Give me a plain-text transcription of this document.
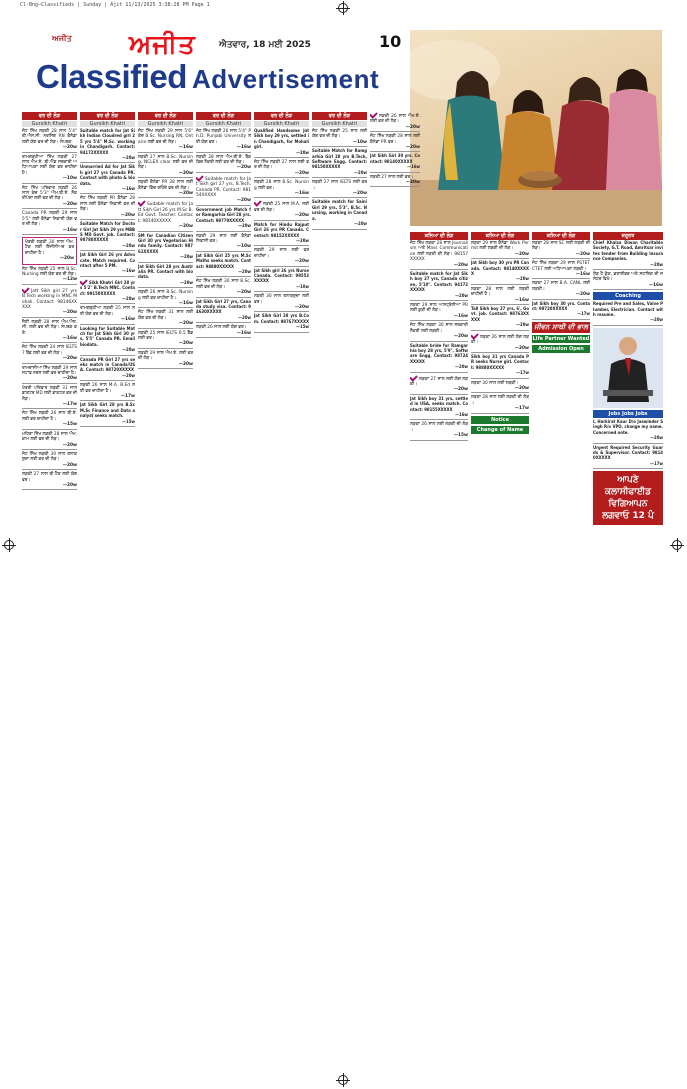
Cl-Bng—Classifieds | Sunday | Ajit 11/13/2025 3:38:28 PM Page 1
ਅਜੀਤ ਅਜੀਤ	ਐਤਵਾਰ, 18 ਮਈ 2025	10
Classified Advertisement
ਵਰ ਦੀ ਲੋੜ
Gursikh Khatri
ਜੱਟ ਸਿੱਖ ਲੜਕੀ 28 ਸਾਲ 5'4" ਬੀ.ਐਸ.ਸੀ. ਨਰਸਿੰਗ RN ਕੈਨੇਡਾ ਲਈ ਯੋਗ ਵਰ ਦੀ ਲੋੜ। ਸੰਪਰਕ:
—20w
ਰਾਮਗੜ੍ਹੀਆ ਸਿੱਖ ਲੜਕੀ 27 ਸਾਲ ਐਮ.ਏ. ਬੀ.ਐੱਡ ਸਰਕਾਰੀ ਅਧਿਆਪਕਾ ਲਈ ਯੋਗ ਵਰ ਚਾਹੀਦਾ ਹੈ।
—10w
ਜੱਟ ਸਿੱਖ ਪਰਿਵਾਰ ਲੜਕੀ 26 ਸਾਲ ਕੱਦ 5'3" ਐਮ.ਬੀ.ਏ. ਨੌਕਰੀਪੇਸ਼ਾ ਲਈ ਵਰ ਦੀ ਲੋੜ।
—20w
Canada PR ਲੜਕੀ 29 ਸਾਲ 5'5" ਲਈ ਕੈਨੇਡਾ ਨਿਵਾਸੀ ਯੋਗ ਵਰ ਦੀ ਲੋੜ।
—16w
ਖੱਤਰੀ ਲੜਕੀ 30 ਸਾਲ ਐਮ.ਟੈਕ ਲਈ ਇੰਜੀਨੀਅਰ ਵਰ ਚਾਹੀਦਾ ਹੈ।
—20w
ਜੱਟ ਸਿੱਖ ਲੜਕੀ 25 ਸਾਲ B.Sc. Nursing ਲਈ ਯੋਗ ਵਰ ਦੀ ਲੋੜ।
—12w
Jatt Sikh girl 27 yrs B.Tech working in MNC Mohali. Contact: 98146XXXXX
—20w
ਸੈਣੀ ਲੜਕੀ 28 ਸਾਲ ਐਮ.ਐਸ.ਸੀ. ਲਈ ਵਰ ਦੀ ਲੋੜ। ਸੰਪਰਕ ਕਰੋ:
—16w
ਜੱਟ ਸਿੱਖ ਲੜਕੀ 24 ਸਾਲ IELTS 7 ਬੈਂਡ ਲਈ ਵਰ ਦੀ ਲੋੜ।
—20w
ਰਾਮਦਾਸੀਆ ਸਿੱਖ ਲੜਕੀ 29 ਸਾਲ ਸਟਾਫ ਨਰਸ ਲਈ ਵਰ ਚਾਹੀਦਾ ਹੈ।
—20w
ਖੱਤਰੀ ਪਰਿਵਾਰ ਲੜਕੀ 31 ਸਾਲ ਡਾਕਟਰ MD ਲਈ ਡਾਕਟਰ ਵਰ ਦੀ ਲੋੜ।
—17w
ਜੱਟ ਸਿੱਖ ਲੜਕੀ 26 ਸਾਲ ਬੀ.ਏ. ਲਈ ਵਰ ਚਾਹੀਦਾ ਹੈ।
—15w
ਮਹਿਰਾ ਸਿੱਖ ਲੜਕੀ 28 ਸਾਲ ਐਮ.ਕਾਮ ਲਈ ਵਰ ਦੀ ਲੋੜ।
—20w
ਜੱਟ ਸਿੱਖ ਲੜਕੀ 30 ਸਾਲ ਤਲਾਕਸ਼ੁਦਾ ਲਈ ਵਰ ਦੀ ਲੋੜ।
—20w
ਲੜਕੀ 27 ਸਾਲ ਬੀ.ਟੈੱਕ ਲਈ ਯੋਗ ਵਰ।
—20w
ਵਰ ਦੀ ਲੋੜ
Gursikh Khatri
Suitable match for Jat Sikh Indian Cloudred girl 25 yrs 5'4" M.Sc. working in Chandigarh. Contact: 94172XXXXX
—20w
Unmarried Ad for Jat Sikh girl 27 yrs Canada PR. Contact with photo & biodata.
—16w
ਜੱਟ ਸਿੱਖ ਲੜਕੀ PR ਕੈਨੇਡਾ 28 ਸਾਲ ਲਈ ਕੈਨੇਡਾ ਨਿਵਾਸੀ ਵਰ ਦੀ ਲੋੜ।
—20w
Suitable Match for Doctor Girl Jat Sikh 29 yrs MBBS MD Govt. job. Contact: 98780XXXXX
—20w
Jat Sikh Girl 26 yrs Advocate. Match required. Contact after 5 PM.
—16w
Sikh Khatri Girl 28 yrs 5'2" B.Tech MNC. Contact: 99150XXXXX
—20w
ਰਾਮਗੜ੍ਹੀਆ ਲੜਕੀ 25 ਸਾਲ ਲਈ ਯੋਗ ਵਰ ਦੀ ਲੋੜ।
—16w
Looking for Suitable Match for Jat Sikh Girl 30 yrs, 5'5" Canada PR. Email biodata.
—20w
Canada PR Girl 27 yrs seeks match in Canada/USA. Contact: 98720XXXXX
—20w
ਲੜਕੀ 26 ਸਾਲ M.A. B.Ed ਲਈ ਵਰ ਚਾਹੀਦਾ ਹੈ।
—17w
Jat Sikh Girl 28 yrs B.Sc M.Sc Finance and Data analyst seeks match.
—15w
ਵਰ ਦੀ ਲੋੜ
Gursikh Khatri
ਜੱਟ ਸਿੱਖ ਲੜਕੀ 29 ਸਾਲ 5'6" ਕੱਦ B.Sc. Nursing RN, Ontario ਲਈ ਵਰ ਦੀ ਲੋੜ।
—16w
ਲੜਕੀ 27 ਸਾਲ B.Sc. Nursing, NCLEX clear ਲਈ ਵਰ ਦੀ ਲੋੜ।
—20w
ਲੜਕੀ ਕੈਨੇਡਾ PR 28 ਸਾਲ ਲਈ ਕੈਨੇਡਾ ਵਿੱਚ ਰਹਿੰਦੇ ਵਰ ਦੀ ਲੋੜ।
—20w
Suitable match for Jatt Sikh Girl 26 yrs M.Sc B.Ed Govt. Teacher. Contact: 98140XXXXX
—20w
SM for Canadian Citizen Girl 30 yrs Vegetarian Hindu family. Contact: 98761XXXXX
—20w
Jat Sikh Girl 28 yrs Australia PR. Contact with biodata.
—20w
ਲੜਕੀ 26 ਸਾਲ B.Sc. Nursing ਲਈ ਵਰ ਚਾਹੀਦਾ ਹੈ।
—16w
ਜੱਟ ਸਿੱਖ ਲੜਕੀ 31 ਸਾਲ ਲਈ ਯੋਗ ਵਰ ਦੀ ਲੋੜ।
—20w
ਲੜਕੀ 25 ਸਾਲ IELTS 6.5 ਬੈਂਡ ਲਈ ਵਰ।
—20w
ਲੜਕੀ 29 ਸਾਲ ਐਮ.ਏ. ਲਈ ਵਰ ਦੀ ਲੋੜ।
—20w
ਵਰ ਦੀ ਲੋੜ
Gursikh Khatri
ਜੱਟ ਸਿੱਖ ਲੜਕੀ 26 ਸਾਲ 5'4" Ph.D. Punjabi University ਲਈ ਯੋਗ ਵਰ।
—16w
ਲੜਕੀ 28 ਸਾਲ ਐਮ.ਬੀ.ਏ. ਬੈਂਕ ਵਿਚ ਨੌਕਰੀ ਲਈ ਵਰ ਦੀ ਲੋੜ।
—20w
Suitable match for Jat Sikh girl 27 yrs, B.Tech, Canada PR. Contact: 98154XXXXX
—20w
Government job Match for Ramgarhia Girl 28 yrs. Contact: 98779XXXXX
—20w
ਲੜਕੀ 29 ਸਾਲ ਲਈ ਕੈਨੇਡਾ ਨਿਵਾਸੀ ਵਰ।
—10w
Jat Sikh Girl 25 yrs M.Sc Maths seeks match. Contact: 98880XXXXX
—20w
ਜੱਟ ਸਿੱਖ ਲੜਕੀ 30 ਸਾਲ B.Sc. ਲਈ ਵਰ ਦੀ ਲੋੜ।
—20w
Jat Sikh Girl 27 yrs, Canada study visa. Contact: 94630XXXXX
—20w
ਲੜਕੀ 26 ਸਾਲ ਲਈ ਯੋਗ ਵਰ।
—16w
ਵਰ ਦੀ ਲੋੜ
Gursikh Khatri
Qualified Handsome Jat Sikh boy 29 yrs, settled in Chandigarh, for Mohali girl.
—20w
ਜੱਟ ਸਿੱਖ ਲੜਕੀ 27 ਸਾਲ ਲਈ ਵਰ ਦੀ ਲੋੜ।
—20w
ਲੜਕੀ 28 ਸਾਲ B.Sc. Nursing ਲਈ ਵਰ।
—16w
ਲੜਕੀ 25 ਸਾਲ M.A. ਲਈ ਵਰ ਦੀ ਲੋੜ।
—20w
Match for Hindu Rajput Girl 26 yrs PR Canada. Contact: 98152XXXXX
—20w
ਲੜਕੀ 29 ਸਾਲ ਲਈ ਵਰ ਚਾਹੀਦਾ।
—20w
Jat Sikh girl 26 yrs Nurse Canada. Contact: 98553XXXXX
—10w
ਲੜਕੀ 30 ਸਾਲ ਤਲਾਕਸ਼ੁਦਾ ਲਈ ਵਰ।
—20w
Jat Sikh Girl 28 yrs B.Com. Contact: 98767XXXXX
—15w
ਵਰ ਦੀ ਲੋੜ
Gursikh Khatri
ਜੱਟ ਸਿੱਖ ਲੜਕੀ 25 ਸਾਲ ਲਈ ਯੋਗ ਵਰ ਦੀ ਲੋੜ।
—10w
Suitable Match for Ramgarhia Girl 28 yrs B.Tech, Software Engg. Contact: 98150XXXXX
—20w
ਲੜਕੀ 27 ਸਾਲ IELTS ਲਈ ਵਰ।
—20w
Suitable match for Saini Girl 29 yrs, 5'3", B.Sc. Nursing, working in Canada.
—20w
ਲੜਕੀ 26 ਸਾਲ ਐਮ.ਏ. ਲਈ ਵਰ ਦੀ ਲੋੜ।
—20w
ਜੱਟ ਸਿੱਖ ਲੜਕੀ 28 ਸਾਲ ਲਈ ਕੈਨੇਡਾ PR ਵਰ।
—20w
Jat Sikh Girl 30 yrs. Contact: 98140XXXXX
—16w
ਲੜਕੀ 27 ਸਾਲ ਲਈ ਵਰ।
—20w
ਕਨਿਆ ਦੀ ਲੋੜ
ਜੱਟ ਸਿੱਖ ਲੜਕਾ 28 ਸਾਲ Journalism ਅਤੇ Mass Communication ਲਈ ਲੜਕੀ ਦੀ ਲੋੜ। 98157XXXXX
—20w
Suitable match for Jat Sikh boy 27 yrs, Canada citizen, 5'10". Contact: 94172XXXXX
—20w
ਲੜਕਾ 29 ਸਾਲ ਆਸਟ੍ਰੇਲੀਆ PR ਲਈ ਕੁੜੀ ਦੀ ਲੋੜ।
—16w
ਜੱਟ ਸਿੱਖ ਲੜਕਾ 30 ਸਾਲ ਸਰਕਾਰੀ ਨੌਕਰੀ ਲਈ ਲੜਕੀ।
—20w
Suitable bride for Ramgarhia boy 28 yrs, 5'9", Software Engg. Contact: 98724XXXXX
—20w
ਲੜਕਾ 27 ਸਾਲ ਲਈ ਯੋਗ ਲੜਕੀ।
—20w
Jat Sikh boy 31 yrs, settled in USA, seeks match. Contact: 98155XXXXX
—16w
ਲੜਕਾ 26 ਸਾਲ ਲਈ ਲੜਕੀ ਦੀ ਲੋੜ।
—15w
ਕਨਿਆ ਦੀ ਲੋੜ
ਲੜਕਾ 29 ਸਾਲ ਕੈਨੇਡਾ Work Permit ਲਈ ਲੜਕੀ ਦੀ ਲੋੜ।
—20w
Jat Sikh boy 30 yrs PR Canada. Contact: 98140XXXXX
—20w
ਲੜਕਾ 28 ਸਾਲ ਲਈ ਲੜਕੀ ਚਾਹੀਦੀ ਹੈ।
—16w
Tall Sikh boy 27 yrs, 6', Govt. job. Contact: 98763XXXXX
—20w
ਲੜਕਾ 26 ਸਾਲ ਲਈ ਯੋਗ ਲੜਕੀ।
—20w
Sikh boy 31 yrs Canada PR seeks Nurse girl. Contact: 98880XXXXX
—17w
ਲੜਕਾ 30 ਸਾਲ ਲਈ ਲੜਕੀ।
—20w
ਲੜਕਾ 28 ਸਾਲ ਲਈ ਲੜਕੀ ਦੀ ਲੋੜ।
—17w
Notice
Change of Name
ਕਨਿਆ ਦੀ ਲੋੜ
ਲੜਕਾ 28 ਸਾਲ SC ਲਈ ਲੜਕੀ ਦੀ ਲੋੜ।
—20w
ਜੱਟ ਸਿੱਖ ਲੜਕਾ 29 ਸਾਲ PSTET CTET ਲਈ ਅਧਿਆਪਕਾ ਲੜਕੀ।
—16w
ਲੜਕਾ 27 ਸਾਲ B.A. CANL ਲਈ ਲੜਕੀ।
—20w
Jat Sikh boy 30 yrs. Contact: 98720XXXXX
—17w
ਜੀਵਨ ਸਾਥੀ ਦੀ ਭਾਲ
Life Partner Wanted
Admission Open
ਜ਼ਰੂਰਤ
Chief Khalsa Diwan Charitable Society, G.T. Road, Amritsar invites tender from Building Insurance Companies.
—20w
ਲੋੜ ਹੈ ਕੁੱਕ, ਡਰਾਈਵਰ ਅਤੇ ਸਹਾਇਕ ਦੀ ਜਲੰਧਰ ਵਿਖੇ।
—16w
Coaching
Required Pre and Sales, Valve Plumber, Electrician. Contact with resume.
—20w
Jobs Jobs Jobs
I, Harkirat Kaur D/o Jaswinder Singh R/o VPO, change my name. Concerned note.
—20w
Urgent Required Security Guards & Supervisor. Contact: 98140XXXXX
—17w
ਆਪਣੇ ਕਲਾਸੀਫਾਈਡ ਵਿਗਿਆਪਨ ਲਗਵਾਓ 12 ਪੰ
